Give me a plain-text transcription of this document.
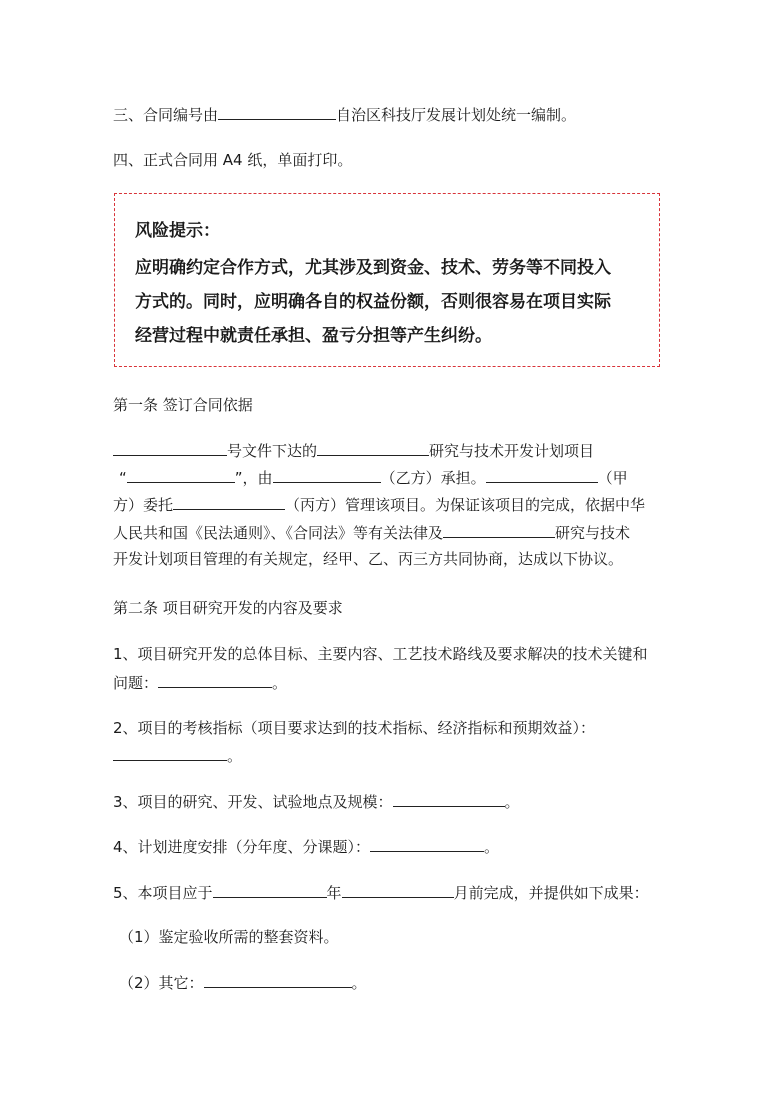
三、合同编号由	自治区科技厅发展计划处统一编制。
四、正式合同用 A4 纸，单面打印。
风险提示：
应明确约定合作方式，尤其涉及到资金、技术、劳务等不同投入
方式的。同时，应明确各自的权益份额，否则很容易在项目实际
经营过程中就责任承担、盈亏分担等产生纠纷。
第一条 签订合同依据
号文件下达的	研究与技术开发计划项目
“	”，由	（乙方）承担。	（甲
方）委托	（丙方）管理该项目。为保证该项目的完成，依据中华
人民共和国《民法通则》、《合同法》等有关法律及	研究与技术
开发计划项目管理的有关规定，经甲、乙、丙三方共同协商，达成以下协议。
第二条 项目研究开发的内容及要求
1、项目研究开发的总体目标、主要内容、工艺技术路线及要求解决的技术关键和
问题：	。
2、项目的考核指标（项目要求达到的技术指标、经济指标和预期效益）：
。
3、项目的研究、开发、试验地点及规模：	。
4、计划进度安排（分年度、分课题）：	。
5、本项目应于	年	月前完成，并提供如下成果：
（1）鉴定验收所需的整套资料。
（2）其它：	。
